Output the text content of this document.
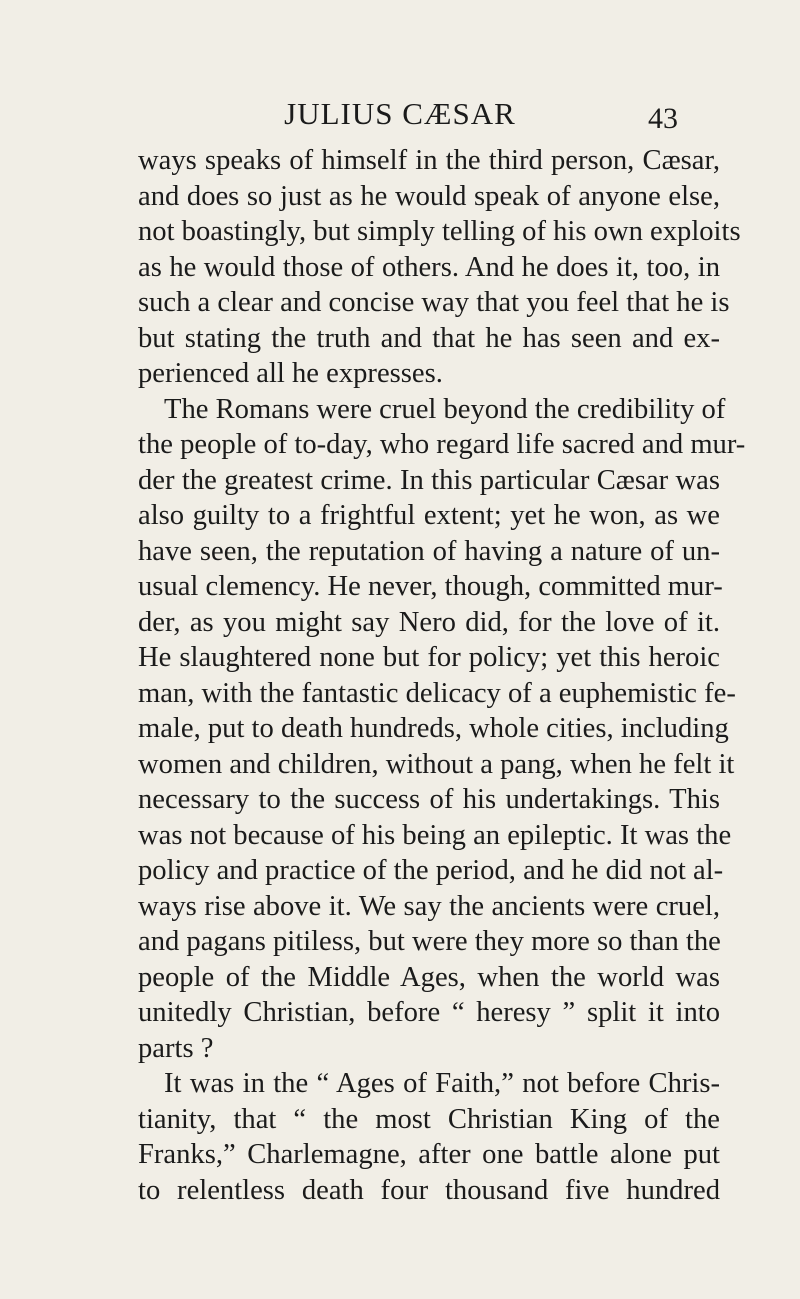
JULIUS CÆSAR	43
ways speaks of himself in the third person, Cæsar,
and does so just as he would speak of anyone else,
not boastingly, but simply telling of his own exploits
as he would those of others. And he does it, too, in
such a clear and concise way that you feel that he is
but stating the truth and that he has seen and ex-
perienced all he expresses.
The Romans were cruel beyond the credibility of
the people of to-day, who regard life sacred and mur-
der the greatest crime. In this particular Cæsar was
also guilty to a frightful extent; yet he won, as we
have seen, the reputation of having a nature of un-
usual clemency. He never, though, committed mur-
der, as you might say Nero did, for the love of it.
He slaughtered none but for policy; yet this heroic
man, with the fantastic delicacy of a euphemistic fe-
male, put to death hundreds, whole cities, including
women and children, without a pang, when he felt it
necessary to the success of his undertakings. This
was not because of his being an epileptic. It was the
policy and practice of the period, and he did not al-
ways rise above it. We say the ancients were cruel,
and pagans pitiless, but were they more so than the
people of the Middle Ages, when the world was
unitedly Christian, before “ heresy ” split it into
parts ?
It was in the “ Ages of Faith,” not before Chris-
tianity, that “ the most Christian King of the
Franks,” Charlemagne, after one battle alone put
to relentless death four thousand five hundred
